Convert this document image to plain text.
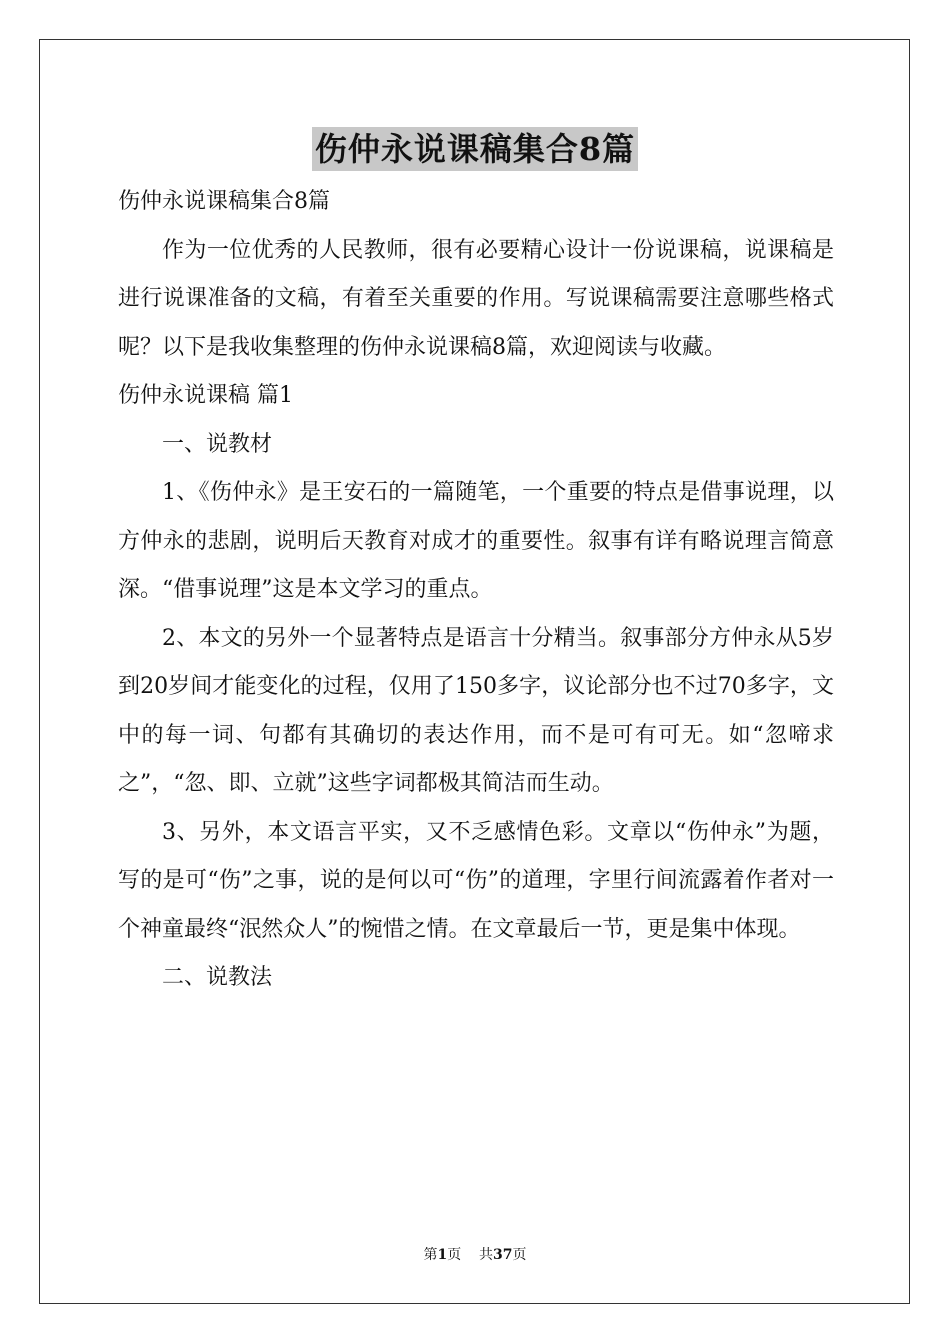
伤仲永说课稿集合8篇

伤仲永说课稿集合8篇

作为一位优秀的人民教师，很有必要精心设计一份说课稿，说课稿是进行说课准备的文稿，有着至关重要的作用。写说课稿需要注意哪些格式呢？以下是我收集整理的伤仲永说课稿8篇，欢迎阅读与收藏。

伤仲永说课稿 篇1

一、说教材

1、《伤仲永》是王安石的一篇随笔，一个重要的特点是借事说理，以方仲永的悲剧，说明后天教育对成才的重要性。叙事有详有略说理言简意深。“借事说理”这是本文学习的重点。

2、本文的另外一个显著特点是语言十分精当。叙事部分方仲永从5岁到20岁间才能变化的过程，仅用了150多字，议论部分也不过70多字，文中的每一词、句都有其确切的表达作用，而不是可有可无。如“忽啼求之”，“忽、即、立就”这些字词都极其简洁而生动。

3、另外，本文语言平实，又不乏感情色彩。文章以“伤仲永”为题，写的是可“伤”之事，说的是何以可“伤”的道理，字里行间流露着作者对一个神童最终“泯然众人”的惋惜之情。在文章最后一节，更是集中体现。

二、说教法

第1页 共37页
